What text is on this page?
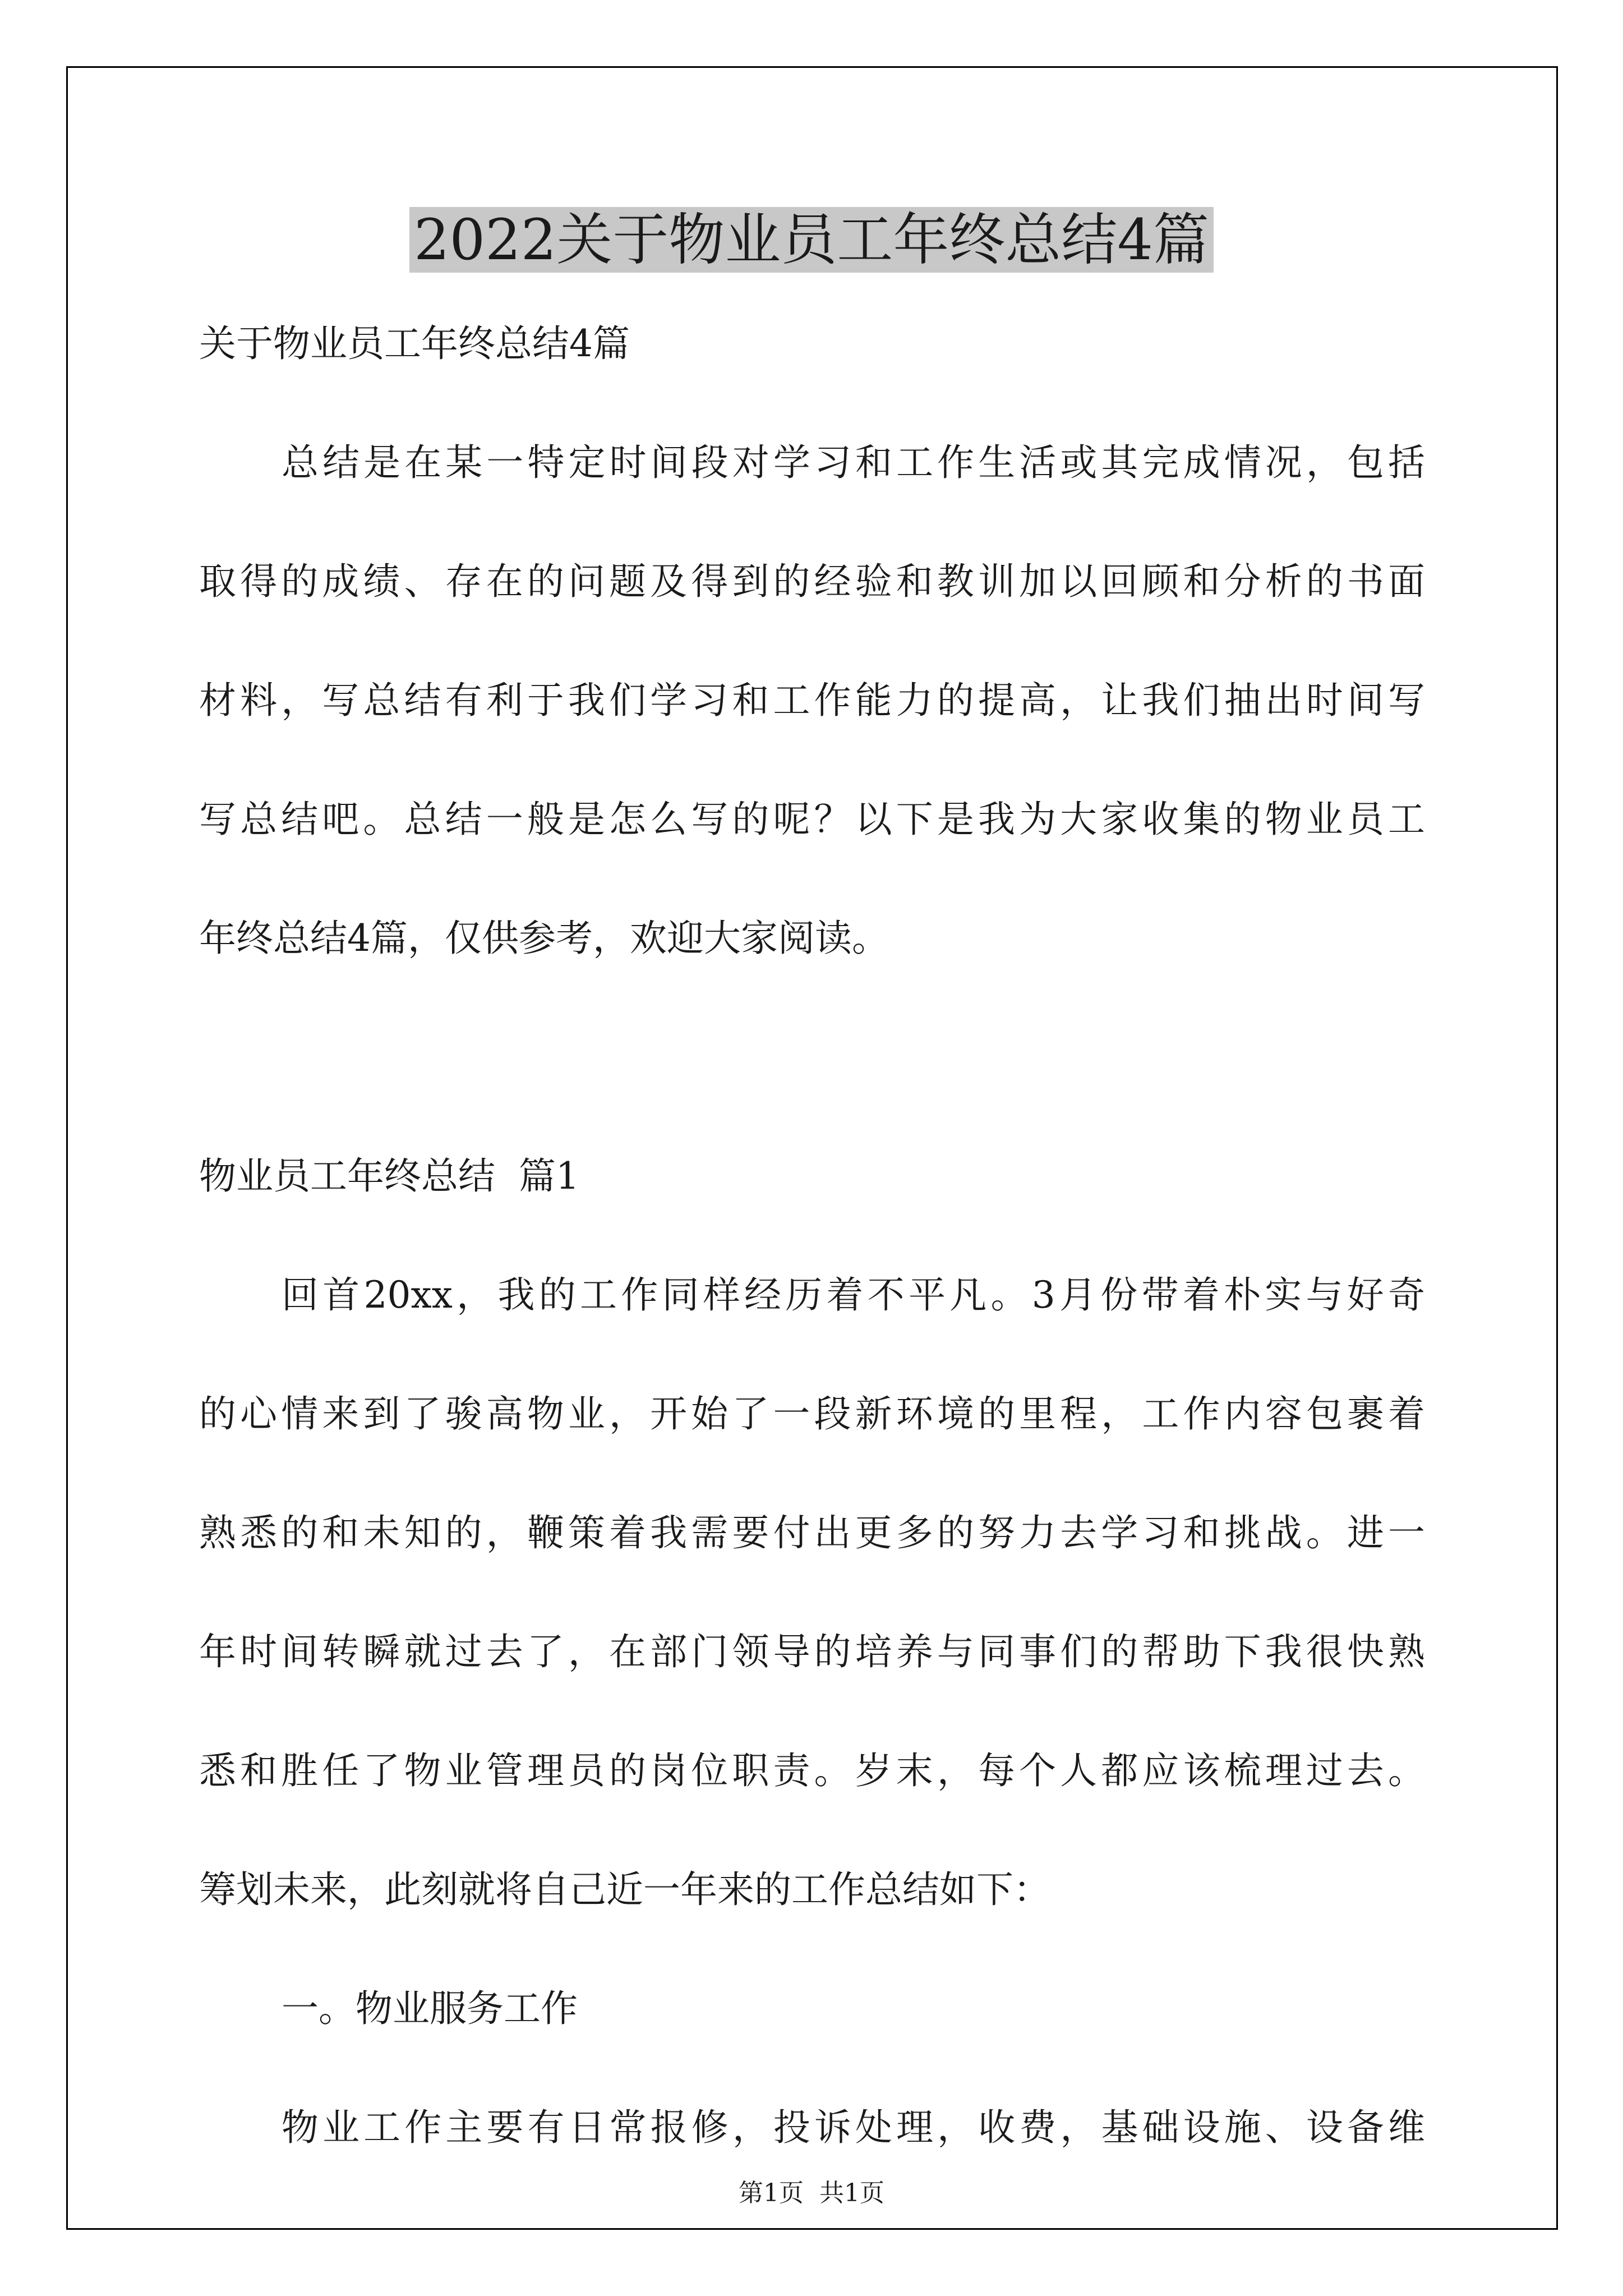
2022关于物业员工年终总结4篇

关于物业员工年终总结4篇

总结是在某一特定时间段对学习和工作生活或其完成情况，包括

取得的成绩、存在的问题及得到的经验和教训加以回顾和分析的书面

材料，写总结有利于我们学习和工作能力的提高，让我们抽出时间写

写总结吧。总结一般是怎么写的呢？以下是我为大家收集的物业员工

年终总结4篇，仅供参考，欢迎大家阅读。

物业员工年终总结  篇1

回首20xx，我的工作同样经历着不平凡。3月份带着朴实与好奇

的心情来到了骏高物业，开始了一段新环境的里程，工作内容包裹着

熟悉的和未知的，鞭策着我需要付出更多的努力去学习和挑战。进一

年时间转瞬就过去了，在部门领导的培养与同事们的帮助下我很快熟

悉和胜任了物业管理员的岗位职责。岁末，每个人都应该梳理过去。

筹划未来，此刻就将自己近一年来的工作总结如下：

一。物业服务工作

物业工作主要有日常报修，投诉处理，收费，基础设施、设备维

第1页  共1页
